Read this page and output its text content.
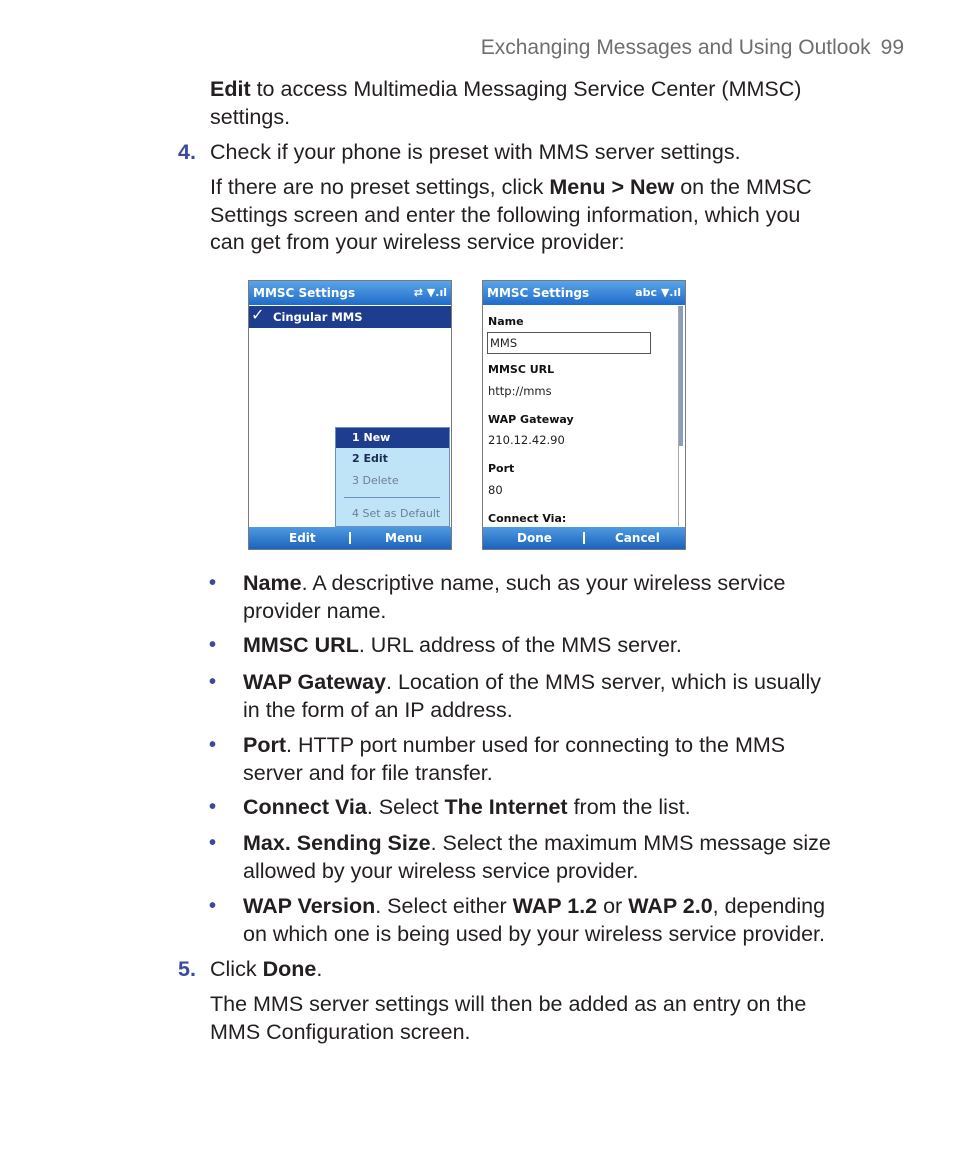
Exchanging Messages and Using Outlook 99
Edit to access Multimedia Messaging Service Center (MMSC)
settings.
4. Check if your phone is preset with MMS server settings.
If there are no preset settings, click Menu > New on the MMSC
Settings screen and enter the following information, which you
can get from your wireless service provider:
MMSC Settings	⇄ ▼.ıl
✓ Cingular MMS
1 New
2 Edit
3 Delete
4 Set as Default
Edit	Menu
MMSC Settings	abc ▼.ıl
Name
MMS
MMSC URL
http://mms
WAP Gateway
210.12.42.90
Port
80
Connect Via:
Done	Cancel
• Name. A descriptive name, such as your wireless service
provider name.
• MMSC URL. URL address of the MMS server.
• WAP Gateway. Location of the MMS server, which is usually
in the form of an IP address.
• Port. HTTP port number used for connecting to the MMS
server and for file transfer.
• Connect Via. Select The Internet from the list.
• Max. Sending Size. Select the maximum MMS message size
allowed by your wireless service provider.
• WAP Version. Select either WAP 1.2 or WAP 2.0, depending
on which one is being used by your wireless service provider.
5. Click Done.
The MMS server settings will then be added as an entry on the
MMS Configuration screen.
